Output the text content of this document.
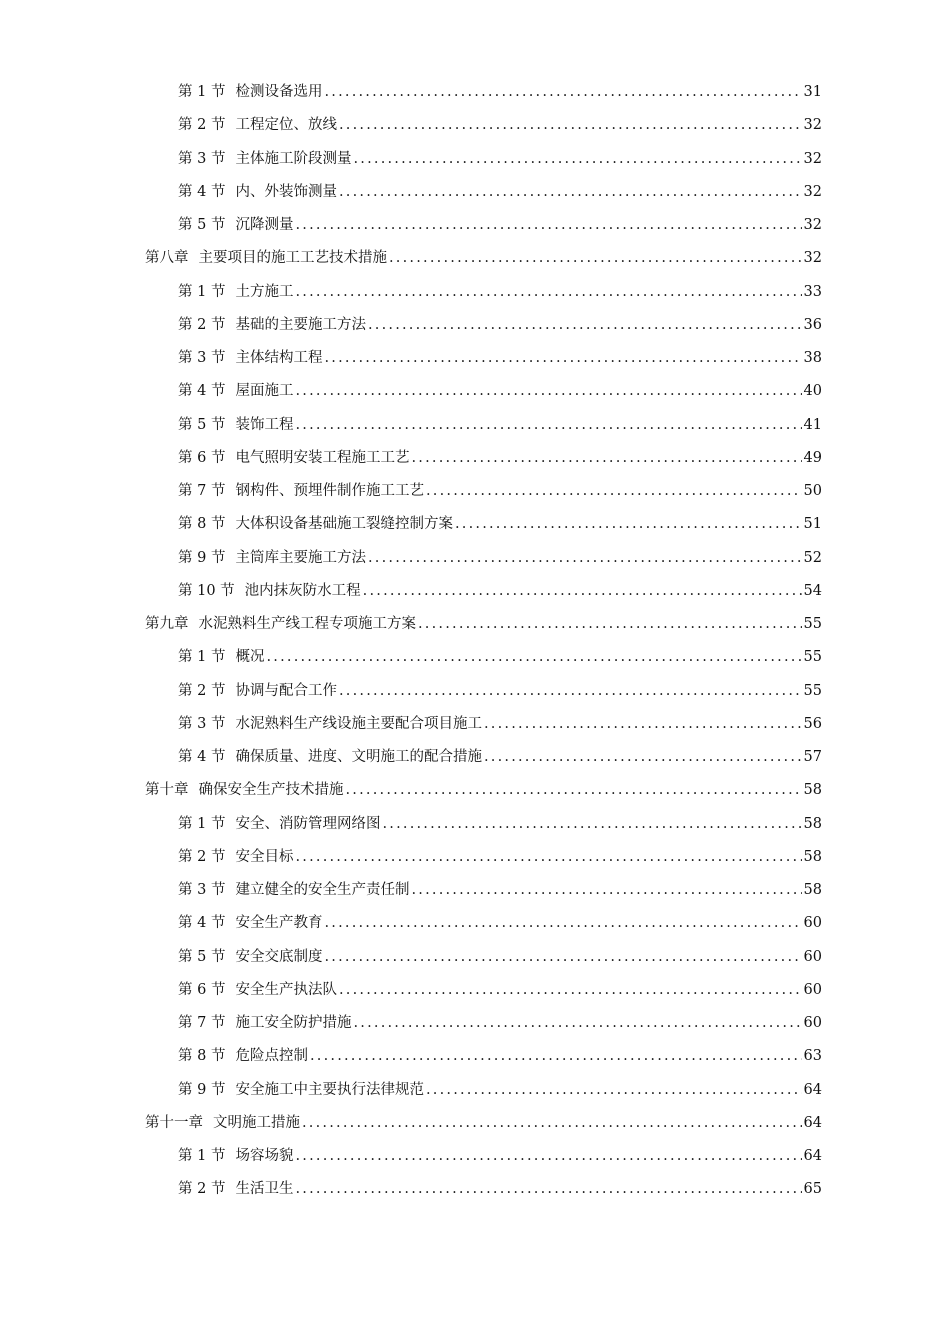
第 1 节 检测设备选用 .....	31
第 2 节 工程定位、放线 .....	32
第 3 节 主体施工阶段测量 .....	32
第 4 节 内、外装饰测量 .....	32
第 5 节 沉降测量 .....	32
第八章 主要项目的施工工艺技术措施 .....	32
第 1 节 土方施工 .....	33
第 2 节 基础的主要施工方法 .....	36
第 3 节 主体结构工程 .....	38
第 4 节 屋面施工 .....	40
第 5 节 装饰工程 .....	41
第 6 节 电气照明安装工程施工工艺 .....	49
第 7 节 钢构件、预埋件制作施工工艺 .....	50
第 8 节 大体积设备基础施工裂缝控制方案 .....	51
第 9 节 主筒库主要施工方法 .....	52
第 10 节 池内抹灰防水工程 .....	54
第九章 水泥熟料生产线工程专项施工方案 .....	55
第 1 节 概况 .....	55
第 2 节 协调与配合工作 .....	55
第 3 节 水泥熟料生产线设施主要配合项目施工 .....	56
第 4 节 确保质量、进度、文明施工的配合措施 .....	57
第十章 确保安全生产技术措施 .....	58
第 1 节 安全、消防管理网络图 .....	58
第 2 节 安全目标 .....	58
第 3 节 建立健全的安全生产责任制 .....	58
第 4 节 安全生产教育 .....	60
第 5 节 安全交底制度 .....	60
第 6 节 安全生产执法队 .....	60
第 7 节 施工安全防护措施 .....	60
第 8 节 危险点控制 .....	63
第 9 节 安全施工中主要执行法律规范 .....	64
第十一章 文明施工措施 .....	64
第 1 节 场容场貌 .....	64
第 2 节 生活卫生 .....	65
